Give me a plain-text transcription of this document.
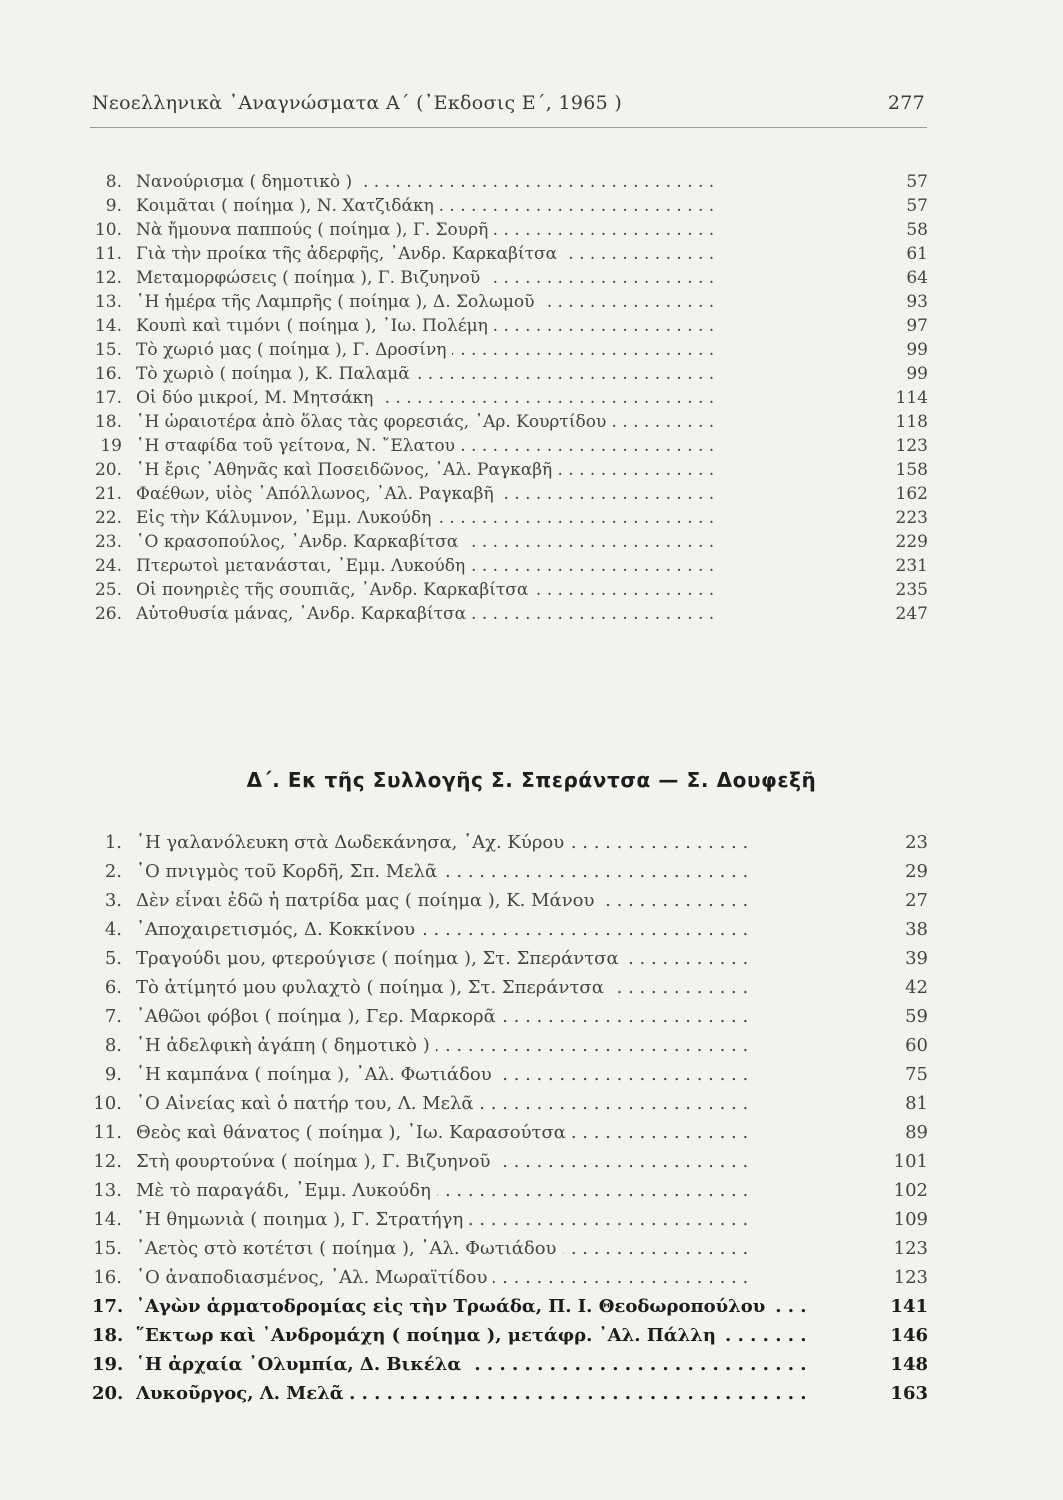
Νεοελληνικὰ ᾽Αναγνώσματα Α΄ (᾽Εκδοσις Ε΄, 1965 )	277
8. Νανούρισμα ( δημοτικὸ ) . . .	57
9. Κοιμᾶται ( ποίημα ), Ν. Χατζιδάκη . . .	57
10. Νὰ ἤμουνα παππούς ( ποίημα ), Γ. Σουρῆ . . .	58
11. Γιὰ τὴν προίκα τῆς ἀδερφῆς, ᾽Ανδρ. Καρκαβίτσα . . .	61
12. Μεταμορφώσεις ( ποίημα ), Γ. Βιζυηνοῦ . . .	64
13. ῾Η ἡμέρα τῆς Λαμπρῆς ( ποίημα ), Δ. Σολωμοῦ . . .	93
14. Κουπὶ καὶ τιμόνι ( ποίημα ), ᾽Ιω. Πολέμη . . .	97
15. Τὸ χωριό μας ( ποίημα ), Γ. Δροσίνη . . .	99
16. Τὸ χωριὸ ( ποίημα ), Κ. Παλαμᾶ . . .	99
17. Οἱ δύο μικροί, Μ. Μητσάκη . . .	114
18. ῾Η ὡραιοτέρα ἀπὸ ὅλας τὰς φορεσιάς, ᾽Αρ. Κουρτίδου . . .	118
19 ῾Η σταφίδα τοῦ γείτονα, Ν. ῎Ελατου . . .	123
20. ῾Η ἔρις ᾽Αθηνᾶς καὶ Ποσειδῶνος, ᾽Αλ. Ραγκαβῆ . . .	158
21. Φαέθων, υἱὸς ᾽Απόλλωνος, ᾽Αλ. Ραγκαβῆ . . .	162
22. Εἰς τὴν Κάλυμνον, ᾽Εμμ. Λυκούδη . . .	223
23. ῾Ο κρασοπούλος, ᾽Ανδρ. Καρκαβίτσα . . .	229
24. Πτερωτοὶ μετανάσται, ᾽Εμμ. Λυκούδη . . .	231
25. Οἱ πονηριὲς τῆς σουπιᾶς, ᾽Ανδρ. Καρκαβίτσα . . .	235
26. Αὐτοθυσία μάνας, ᾽Ανδρ. Καρκαβίτσα . . .	247
Δ΄. Εκ τῆς Συλλογῆς Σ. Σπεράντσα — Σ. Δουφεξῆ
1. ῾Η γαλανόλευκη στὰ Δωδεκάνησα, ᾽Αχ. Κύρου . . .	23
2. ῾Ο πνιγμὸς τοῦ Κορδῆ, Σπ. Μελᾶ . . .	29
3. Δὲν εἶναι ἐδῶ ἡ πατρίδα μας ( ποίημα ), Κ. Μάνου . . .	27
4. ᾽Αποχαιρετισμός, Δ. Κοκκίνου . . .	38
5. Τραγούδι μου, φτερούγισε ( ποίημα ), Στ. Σπεράντσα . . .	39
6. Τὸ ἀτίμητό μου φυλαχτὸ ( ποίημα ), Στ. Σπεράντσα . . .	42
7. ᾽Αθῶοι φόβοι ( ποίημα ), Γερ. Μαρκορᾶ . . .	59
8. ῾Η ἀδελφικὴ ἀγάπη ( δημοτικὸ ) . . .	60
9. ῾Η καμπάνα ( ποίημα ), ᾽Αλ. Φωτιάδου . . .	75
10. ῾Ο Αἰνείας καὶ ὁ πατήρ του, Λ. Μελᾶ . . .	81
11. Θεὸς καὶ θάνατος ( ποίημα ), ᾽Ιω. Καρασούτσα . . .	89
12. Στὴ φουρτούνα ( ποίημα ), Γ. Βιζυηνοῦ . . .	101
13. Μὲ τὸ παραγάδι, ᾽Εμμ. Λυκούδη . . .	102
14. ῾Η θημωνιὰ ( ποιημα ), Γ. Στρατήγη . . .	109
15. ᾽Αετὸς στὸ κοτέτσι ( ποίημα ), ᾽Αλ. Φωτιάδου . . .	123
16. ῾Ο ἀναποδιασμένος, ᾽Αλ. Μωραϊτίδου . . .	123
17. ᾽Αγὼν ἁρματοδρομίας εἰς τὴν Τρωάδα, Π. Ι. Θεοδωροπούλου . . .	141
18. ῞Εκτωρ καὶ ᾽Ανδρομάχη ( ποίημα ), μετάφρ. ᾽Αλ. Πάλλη . . .	146
19. ῾Η ἀρχαία ᾽Ολυμπία, Δ. Βικέλα . . .	148
20. Λυκοῦργος, Λ. Μελᾶ . . .	163
